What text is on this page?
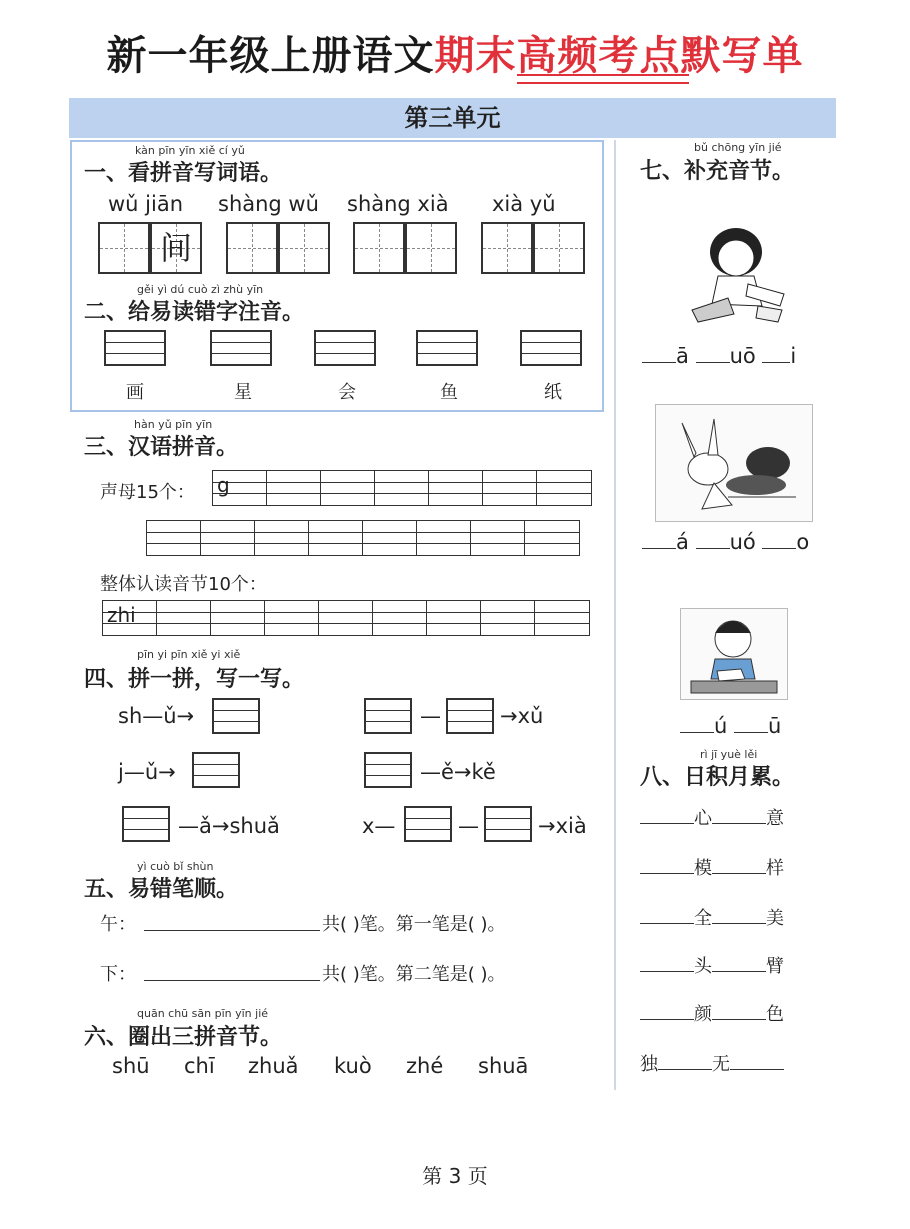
新一年级上册语文期末高频考点默写单
第三单元
kàn pīn yīn xiě cí yǔ
一、看拼音写词语。
wǔ jiān shàng wǔ shàng xià xià yǔ
间
gěi yì dú cuò zì zhù yīn
二、给易读错字注音。
画	星	会	鱼	纸
hàn yǔ pīn yīn
三、汉语拼音。
声母15个： g
整体认读音节10个：
zhi
pīn yi pīn xiě yi xiě
四、拼一拼，写一写。
sh—ǔ→	—	→xǔ
j—ǔ→	—ě→kě
—ǎ→shuǎ	x—	—	→xià
yì cuò bǐ shùn
五、易错笔顺。
午：	共( )笔。第一笔是( )。
下：	共( )笔。第二笔是( )。
quān chū sān pīn yīn jié
六、圈出三拼音节。
shū chī zhuǎ kuò zhé shuā
bǔ chōng yīn jié
七、补充音节。
ā uō i
á uó o
ú ū
rì jī yuè lěi
八、日积月累。
心	意
模	样
全	美
头	臂
颜	色
独	无
第 3 页
